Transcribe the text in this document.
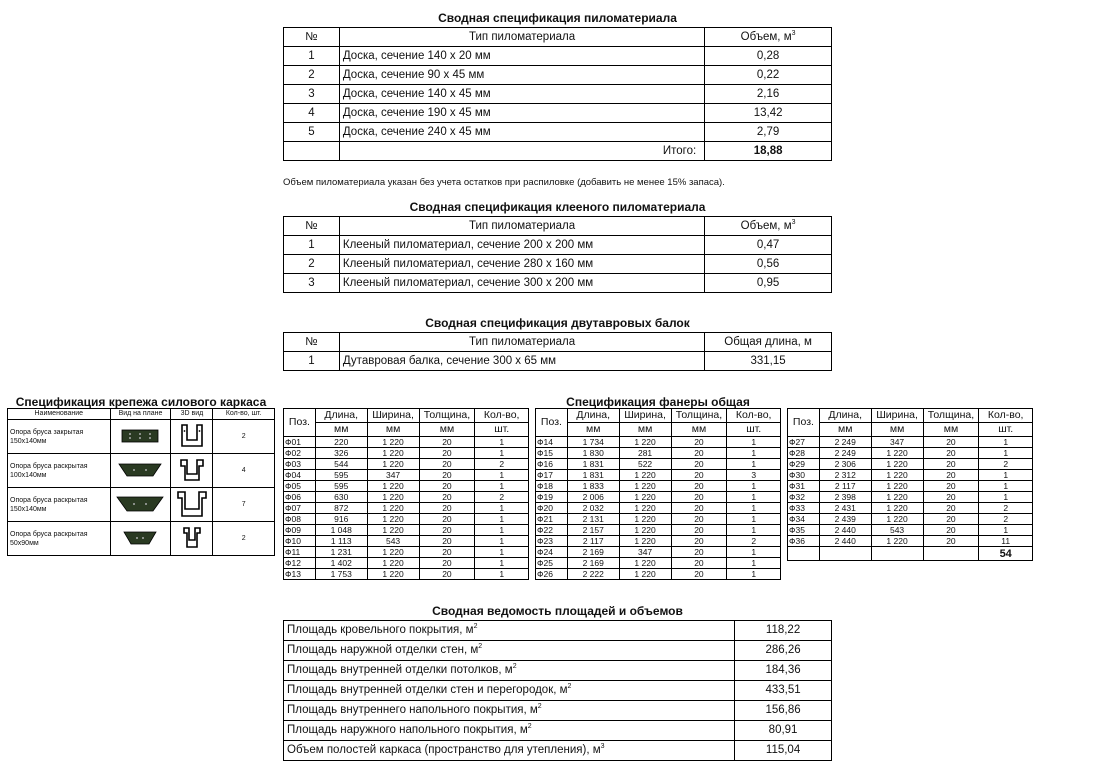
Сводная спецификация пиломатериала
№	Тип пиломатериала	Объем, $м^3$
1	Доска, сечение 140 x 20 мм	0,28
2	Доска, сечение 90 x 45 мм	0,22
3	Доска, сечение 140 x 45 мм	2,16
4	Доска, сечение 190 x 45 мм	13,42
5	Доска, сечение 240 x 45 мм	2,79
	Итого:	18,88
Объем пиломатериала указан без учета остатков при распиловке (добавить не менее 15% запаса).
Сводная спецификация клееного пиломатериала
№	Тип пиломатериала	Объем, $м^3$
1	Клееный пиломатериал, сечение 200 x 200 мм	0,47
2	Клееный пиломатериал, сечение 280 x 160 мм	0,56
3	Клееный пиломатериал, сечение 300 x 200 мм	0,95
Сводная спецификация двутавровых балок
№	Тип пиломатериала	Общая длина, м
1	Дутавровая балка, сечение 300 x 65 мм	331,15
Спецификация крепежа силового каркаса
Наименование	Вид на плане	3D вид	Кол-во, шт.

Опора бруса закрытая
150x140мм			2

Опора бруса раскрытая
100x140мм			4

Опора бруса раскрытая
150x140мм			7

Опора бруса раскрытая
50x90мм			2
Спецификация фанеры общая
Поз.	Длина,	Ширина,	Толщина,	Кол-во,
	мм	мм	мм	шт.
Ф01	220	1 220	20	1
Ф02	326	1 220	20	1
Ф03	544	1 220	20	2
Ф04	595	347	20	1
Ф05	595	1 220	20	1
Ф06	630	1 220	20	2
Ф07	872	1 220	20	1
Ф08	916	1 220	20	1
Ф09	1 048	1 220	20	1
Ф10	1 113	543	20	1
Ф11	1 231	1 220	20	1
Ф12	1 402	1 220	20	1
Ф13	1 753	1 220	20	1
Поз.	Длина,	Ширина,	Толщина,	Кол-во,
	мм	мм	мм	шт.
Ф14	1 734	1 220	20	1
Ф15	1 830	281	20	1
Ф16	1 831	522	20	1
Ф17	1 831	1 220	20	3
Ф18	1 833	1 220	20	1
Ф19	2 006	1 220	20	1
Ф20	2 032	1 220	20	1
Ф21	2 131	1 220	20	1
Ф22	2 157	1 220	20	1
Ф23	2 117	1 220	20	2
Ф24	2 169	347	20	1
Ф25	2 169	1 220	20	1
Ф26	2 222	1 220	20	1
Поз.	Длина,	Ширина,	Толщина,	Кол-во,
	мм	мм	мм	шт.
Ф27	2 249	347	20	1
Ф28	2 249	1 220	20	1
Ф29	2 306	1 220	20	2
Ф30	2 312	1 220	20	1
Ф31	2 117	1 220	20	1
Ф32	2 398	1 220	20	1
Ф33	2 431	1 220	20	2
Ф34	2 439	1 220	20	2
Ф35	2 440	543	20	1
Ф36	2 440	1 220	20	11
				54
Сводная ведомость площадей и объемов
Площадь кровельного покрытия, $м^2$	118,22
Площадь наружной отделки стен, $м^2$	286,26
Площадь внутренней отделки потолков, $м^2$	184,36
Площадь внутренней отделки стен и перегородок, $м^2$	433,51
Площадь внутреннего напольного покрытия, $м^2$	156,86
Площадь наружного напольного покрытия, $м^2$	80,91
Объем полостей каркаса (пространство для утепления), $м^3$	115,04
